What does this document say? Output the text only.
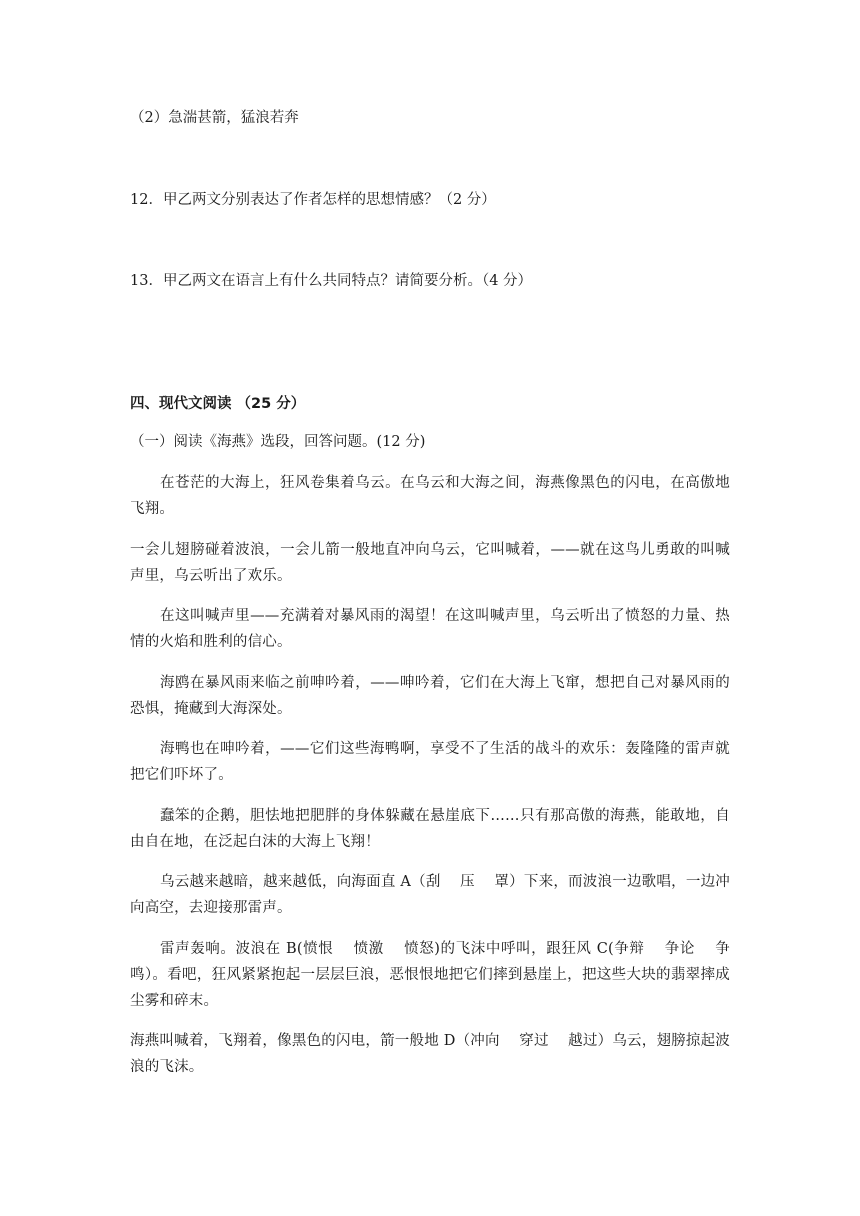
（2）急湍甚箭，猛浪若奔

12．甲乙两文分别表达了作者怎样的思想情感？（2 分）

13．甲乙两文在语言上有什么共同特点？请简要分析。（4 分）

四、现代文阅读 （25 分）

（一）阅读《海燕》选段，回答问题。(12 分)

在苍茫的大海上，狂风卷集着乌云。在乌云和大海之间，海燕像黑色的闪电，在高傲地飞翔。

一会儿翅膀碰着波浪，一会儿箭一般地直冲向乌云，它叫喊着，——就在这鸟儿勇敢的叫喊声里，乌云听出了欢乐。

在这叫喊声里——充满着对暴风雨的渴望！在这叫喊声里，乌云听出了愤怒的力量、热情的火焰和胜利的信心。

海鸥在暴风雨来临之前呻吟着，——呻吟着，它们在大海上飞窜，想把自己对暴风雨的恐惧，掩藏到大海深处。

海鸭也在呻吟着，——它们这些海鸭啊，享受不了生活的战斗的欢乐：轰隆隆的雷声就把它们吓坏了。

蠢笨的企鹅，胆怯地把肥胖的身体躲藏在悬崖底下……只有那高傲的海燕，能敢地，自由自在地，在泛起白沫的大海上飞翔！

乌云越来越暗，越来越低，向海面直 A（刮　 压　 罩）下来，而波浪一边歌唱，一边冲向高空，去迎接那雷声。

雷声轰响。波浪在 B(愤恨　 愤激　 愤怒)的飞沫中呼叫，跟狂风 C(争辩　 争论　 争鸣）。看吧，狂风紧紧抱起一层层巨浪，恶恨恨地把它们摔到悬崖上，把这些大块的翡翠摔成尘雾和碎末。

海燕叫喊着，飞翔着，像黑色的闪电，箭一般地 D（冲向　 穿过　 越过）乌云，翅膀掠起波浪的飞沫。
